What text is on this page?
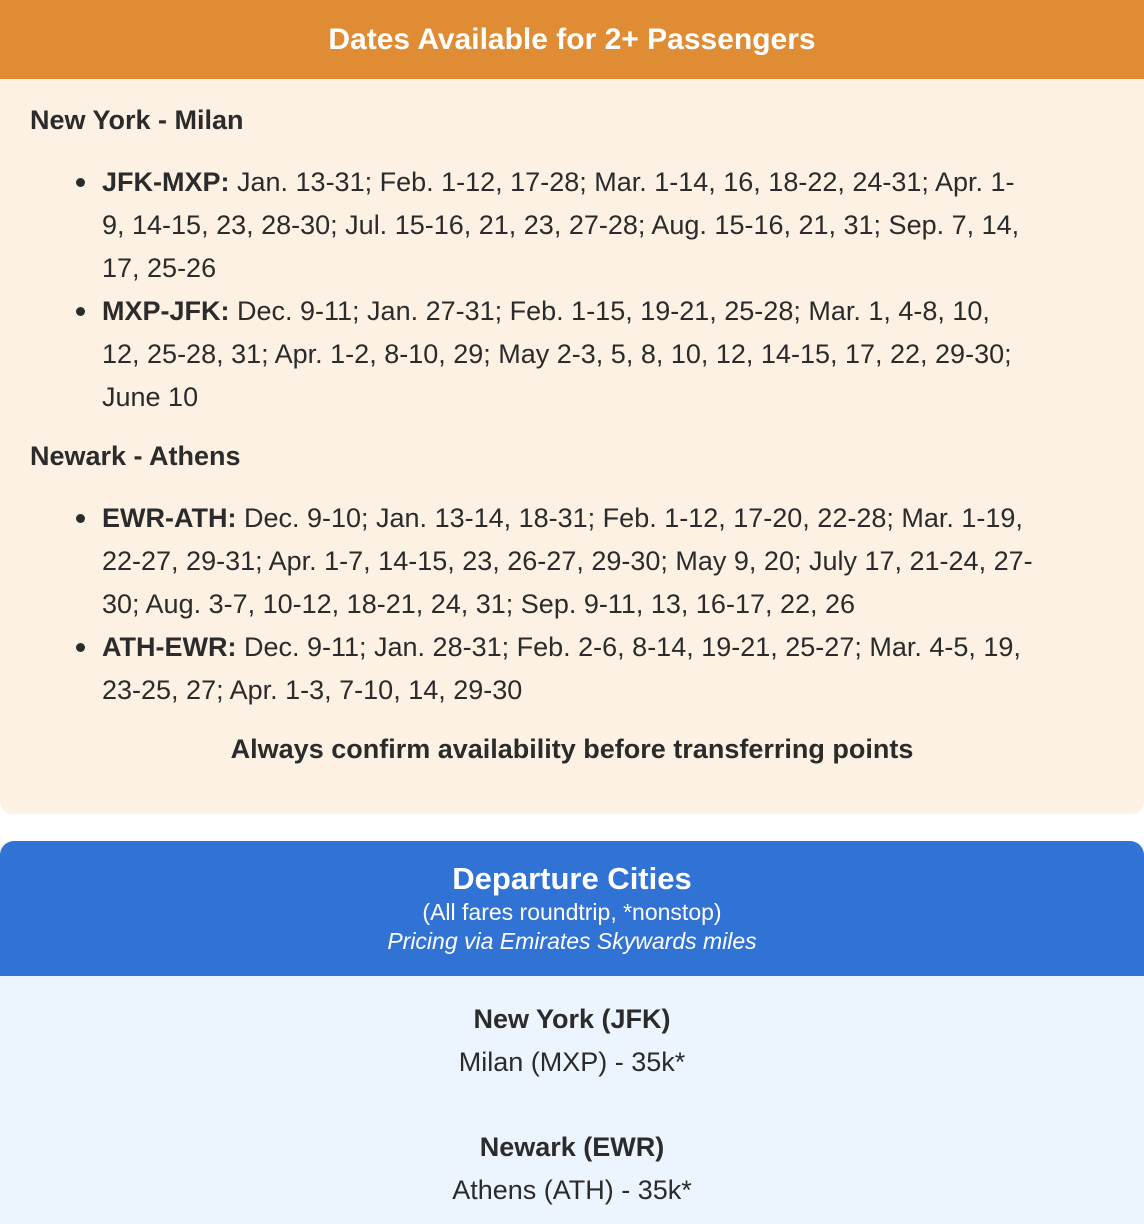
Dates Available for 2+ Passengers
New York - Milan
JFK-MXP: Jan. 13-31; Feb. 1-12, 17-28; Mar. 1-14, 16, 18-22, 24-31; Apr. 1-
9, 14-15, 23, 28-30; Jul. 15-16, 21, 23, 27-28; Aug. 15-16, 21, 31; Sep. 7, 14,
17, 25-26
MXP-JFK: Dec. 9-11; Jan. 27-31; Feb. 1-15, 19-21, 25-28; Mar. 1, 4-8, 10,
12, 25-28, 31; Apr. 1-2, 8-10, 29; May 2-3, 5, 8, 10, 12, 14-15, 17, 22, 29-30;
June 10
Newark - Athens
EWR-ATH: Dec. 9-10; Jan. 13-14, 18-31; Feb. 1-12, 17-20, 22-28; Mar. 1-19,
22-27, 29-31; Apr. 1-7, 14-15, 23, 26-27, 29-30; May 9, 20; July 17, 21-24, 27-
30; Aug. 3-7, 10-12, 18-21, 24, 31; Sep. 9-11, 13, 16-17, 22, 26
ATH-EWR: Dec. 9-11; Jan. 28-31; Feb. 2-6, 8-14, 19-21, 25-27; Mar. 4-5, 19,
23-25, 27; Apr. 1-3, 7-10, 14, 29-30
Always confirm availability before transferring points
Departure Cities
(All fares roundtrip, *nonstop)
Pricing via Emirates Skywards miles
New York (JFK)
Milan (MXP) - 35k*
Newark (EWR)
Athens (ATH) - 35k*
